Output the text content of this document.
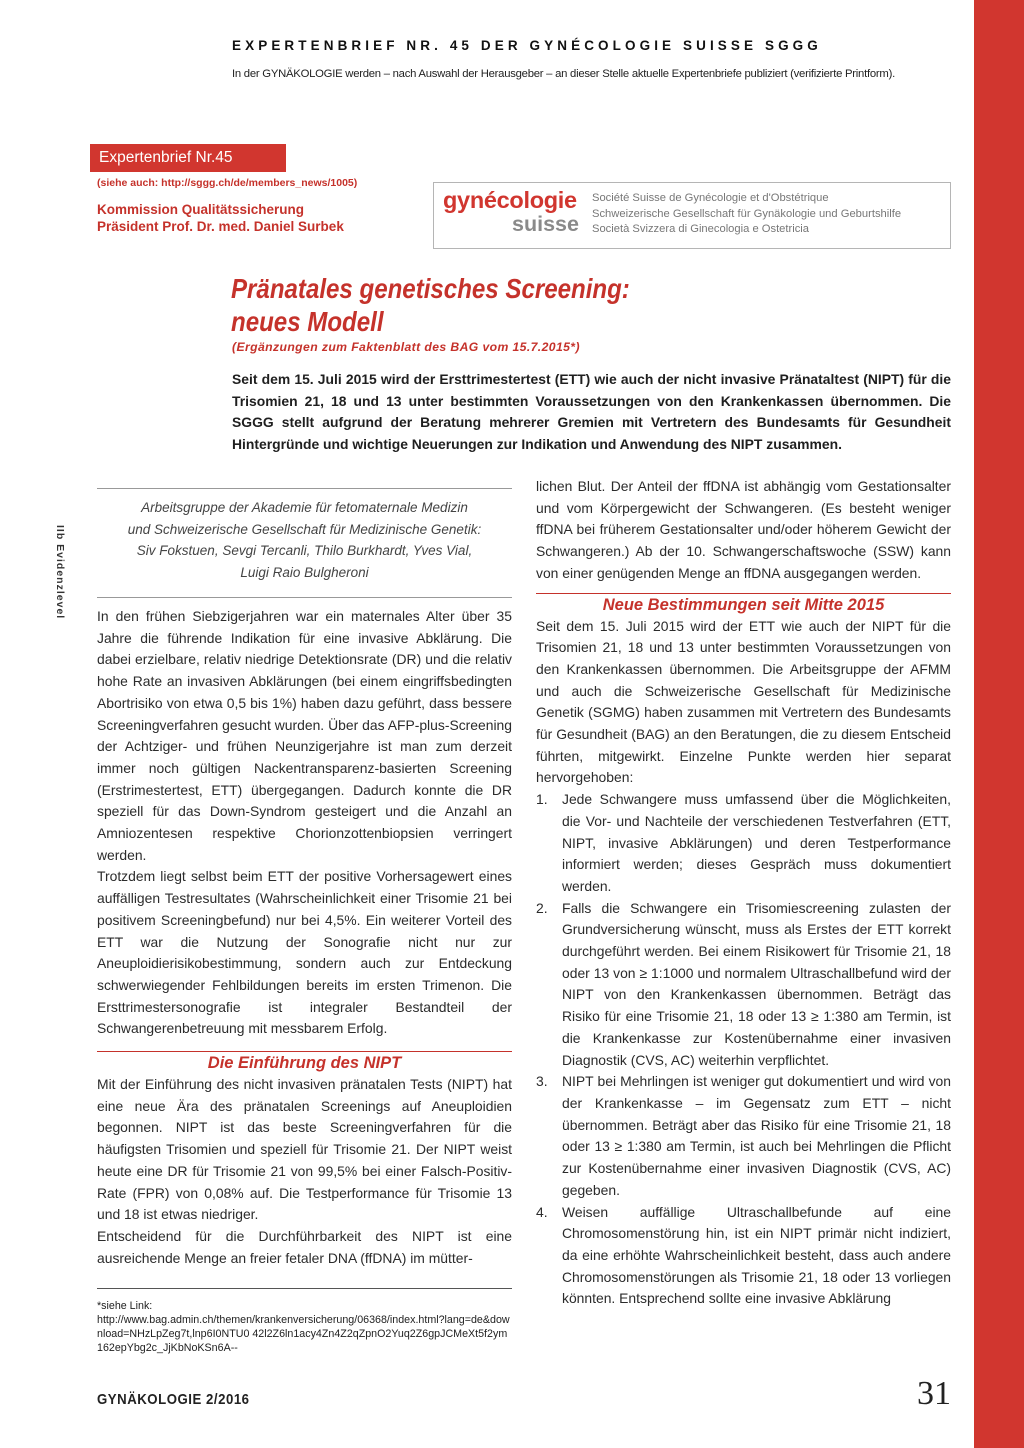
EXPERTENBRIEF NR. 45 DER GYNÉCOLOGIE SUISSE SGGG
In der GYNÄKOLOGIE werden – nach Auswahl der Herausgeber – an dieser Stelle aktuelle Expertenbriefe publiziert (verifizierte Printform).
Expertenbrief Nr.45
(siehe auch: http://sggg.ch/de/members_news/1005)
Kommission Qualitätssicherung
Präsident Prof. Dr. med. Daniel Surbek
gynécologie
suisse
Société Suisse de Gynécologie et d'Obstétrique
Schweizerische Gesellschaft für Gynäkologie und Geburtshilfe
Società Svizzera di Ginecologia e Ostetricia
Pränatales genetisches Screening:
neues Modell
(Ergänzungen zum Faktenblatt des BAG vom 15.7.2015*)

Seit dem 15. Juli 2015 wird der Ersttrimestertest (ETT) wie auch der nicht invasive Pränataltest (NIPT) für die Trisomien 21, 18 und 13 unter bestimmten Voraussetzungen von den Krankenkassen übernommen. Die SGGG stellt aufgrund der Beratung mehrerer Gremien mit Vertretern des Bundesamts für Gesundheit Hintergründe und wichtige Neuerungen zur Indikation und Anwendung des NIPT zusammen.

IIb Evidenzlevel
Arbeitsgruppe der Akademie für fetomaternale Medizin
und Schweizerische Gesellschaft für Medizinische Genetik:
Siv Fokstuen, Sevgi Tercanli, Thilo Burkhardt, Yves Vial,
Luigi Raio Bulgheroni

In den frühen Siebzigerjahren war ein maternales Alter über 35 Jahre die führende Indikation für eine invasive Abklärung. Die dabei erzielbare, relativ niedrige Detektionsrate (DR) und die relativ hohe Rate an invasiven Abklärungen (bei einem eingriffsbedingten Abortrisiko von etwa 0,5 bis 1%) haben dazu geführt, dass bessere Screeningverfahren gesucht wurden. Über das AFP-plus-Screening der Achtziger- und frühen Neunzigerjahre ist man zum derzeit immer noch gültigen Nackentransparenz-basierten Screening (Erstrimestertest, ETT) übergegangen. Dadurch konnte die DR speziell für das Down-Syndrom gesteigert und die Anzahl an Amniozentesen respektive Chorionzottenbiopsien verringert werden.

Trotzdem liegt selbst beim ETT der positive Vorhersagewert eines auffälligen Testresultates (Wahrscheinlichkeit einer Trisomie 21 bei positivem Screeningbefund) nur bei 4,5%. Ein weiterer Vorteil des ETT war die Nutzung der Sonografie nicht nur zur Aneuploidierisikobestimmung, sondern auch zur Entdeckung schwerwiegender Fehlbildungen bereits im ersten Trimenon. Die Ersttrimestersonografie ist integraler Bestandteil der Schwangerenbetreuung mit messbarem Erfolg.

Die Einführung des NIPT

Mit der Einführung des nicht invasiven pränatalen Tests (NIPT) hat eine neue Ära des pränatalen Screenings auf Aneuploidien begonnen. NIPT ist das beste Screeningverfahren für die häufigsten Trisomien und speziell für Trisomie 21. Der NIPT weist heute eine DR für Trisomie 21 von 99,5% bei einer Falsch-Positiv-Rate (FPR) von 0,08% auf. Die Testperformance für Trisomie 13 und 18 ist etwas niedriger.

Entscheidend für die Durchführbarkeit des NIPT ist eine ausreichende Menge an freier fetaler DNA (ffDNA) im mütter-

*siehe Link:
http://www.bag.admin.ch/themen/krankenversicherung/06368/index.html?lang=de&download=NHzLpZeg7t,lnp6I0NTU0 42l2Z6ln1acy4Zn4Z2qZpnO2Yuq2Z6gpJCMeXt5f2ym162epYbg2c_JjKbNoKSn6A--

lichen Blut. Der Anteil der ffDNA ist abhängig vom Gestationsalter und vom Körpergewicht der Schwangeren. (Es besteht weniger ffDNA bei früherem Gestationsalter und/oder höherem Gewicht der Schwangeren.) Ab der 10. Schwangerschaftswoche (SSW) kann von einer genügenden Menge an ffDNA ausgegangen werden.

Neue Bestimmungen seit Mitte 2015

Seit dem 15. Juli 2015 wird der ETT wie auch der NIPT für die Trisomien 21, 18 und 13 unter bestimmten Voraussetzungen von den Krankenkassen übernommen. Die Arbeitsgruppe der AFMM und auch die Schweizerische Gesellschaft für Medizinische Genetik (SGMG) haben zusammen mit Vertretern des Bundesamts für Gesundheit (BAG) an den Beratungen, die zu diesem Entscheid führten, mitgewirkt. Einzelne Punkte werden hier separat hervorgehoben:

1. Jede Schwangere muss umfassend über die Möglichkeiten, die Vor- und Nachteile der verschiedenen Testverfahren (ETT, NIPT, invasive Abklärungen) und deren Testperformance informiert werden; dieses Gespräch muss dokumentiert werden.
2. Falls die Schwangere ein Trisomiescreening zulasten der Grundversicherung wünscht, muss als Erstes der ETT korrekt durchgeführt werden. Bei einem Risikowert für Trisomie 21, 18 oder 13 von ≥ 1:1000 und normalem Ultraschallbefund wird der NIPT von den Krankenkassen übernommen. Beträgt das Risiko für eine Trisomie 21, 18 oder 13 ≥ 1:380 am Termin, ist die Krankenkasse zur Kostenübernahme einer invasiven Diagnostik (CVS, AC) weiterhin verpflichtet.
3. NIPT bei Mehrlingen ist weniger gut dokumentiert und wird von der Krankenkasse – im Gegensatz zum ETT – nicht übernommen. Beträgt aber das Risiko für eine Trisomie 21, 18 oder 13 ≥ 1:380 am Termin, ist auch bei Mehrlingen die Pflicht zur Kostenübernahme einer invasiven Diagnostik (CVS, AC) gegeben.
4. Weisen auffällige Ultraschallbefunde auf eine Chromosomenstörung hin, ist ein NIPT primär nicht indiziert, da eine erhöhte Wahrscheinlichkeit besteht, dass auch andere Chromosomenstörungen als Trisomie 21, 18 oder 13 vorliegen könnten. Entsprechend sollte eine invasive Abklärung
GYNÄKOLOGIE 2/2016	31
